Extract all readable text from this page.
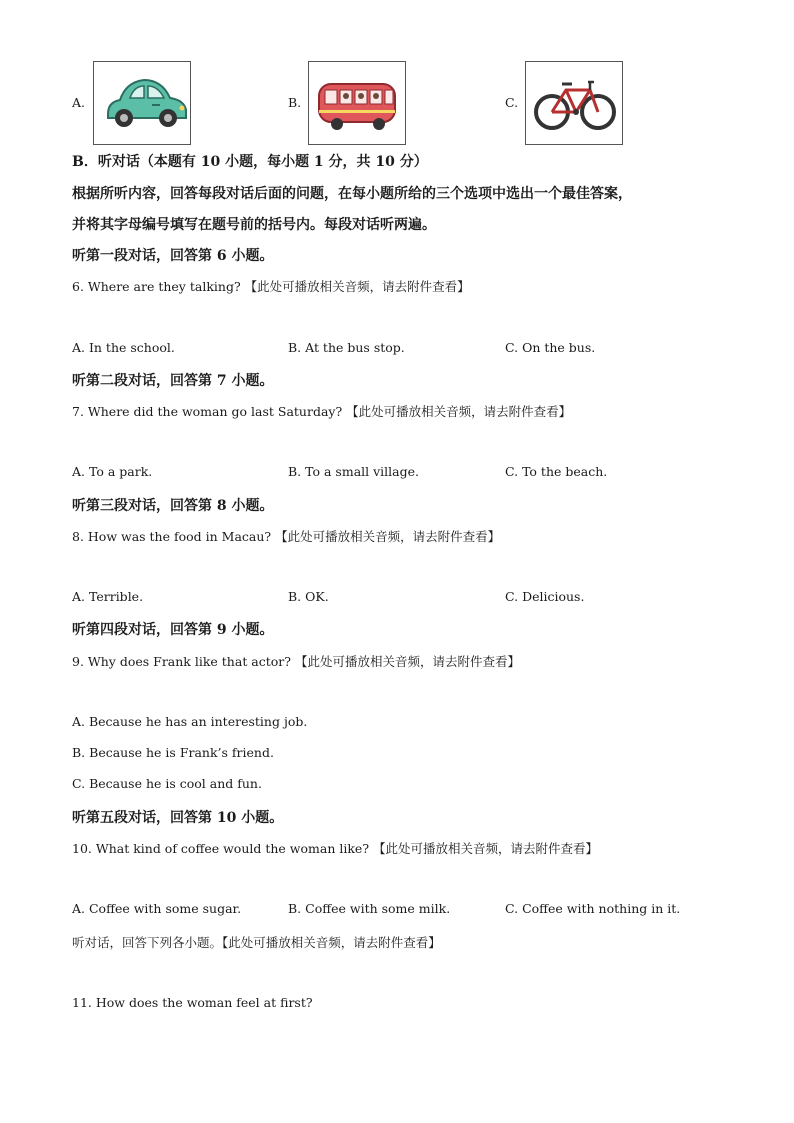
A.	B.	C.
B．听对话（本题有 10 小题，每小题 1 分，共 10 分）
根据所听内容，回答每段对话后面的问题，在每小题所给的三个选项中选出一个最佳答案，
并将其字母编号填写在题号前的括号内。每段对话听两遍。
听第一段对话，回答第 6 小题。
6. Where are they talking? 【此处可播放相关音频，请去附件查看】
A. In the school.	B. At the bus stop.	C. On the bus.
听第二段对话，回答第 7 小题。
7. Where did the woman go last Saturday? 【此处可播放相关音频，请去附件查看】
A. To a park.	B. To a small village.	C. To the beach.
听第三段对话，回答第 8 小题。
8. How was the food in Macau? 【此处可播放相关音频，请去附件查看】
A. Terrible.	B. OK.	C. Delicious.
听第四段对话，回答第 9 小题。
9. Why does Frank like that actor? 【此处可播放相关音频，请去附件查看】
A. Because he has an interesting job.
B. Because he is Frank’s friend.
C. Because he is cool and fun.
听第五段对话，回答第 10 小题。
10. What kind of coffee would the woman like? 【此处可播放相关音频，请去附件查看】
A. Coffee with some sugar.	B. Coffee with some milk.	C. Coffee with nothing in it.
听对话，回答下列各小题。【此处可播放相关音频，请去附件查看】
11. How does the woman feel at first?
